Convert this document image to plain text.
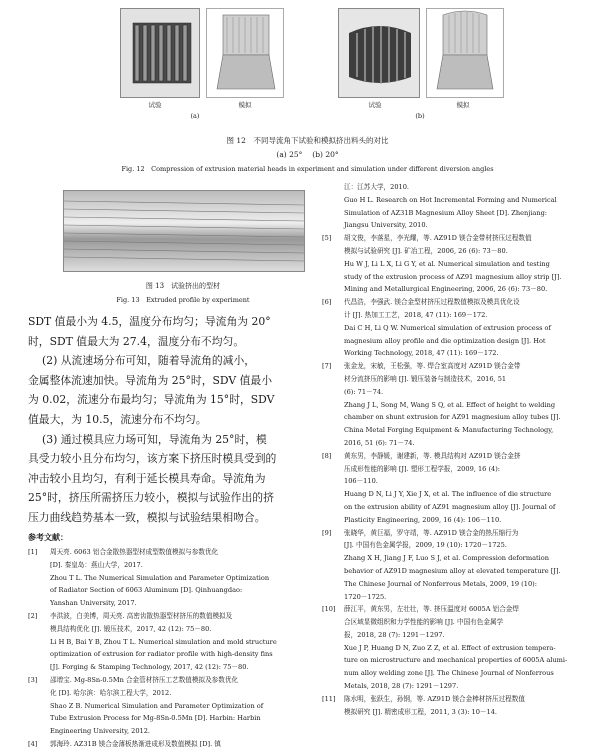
试验	模拟
(a)
试验	模拟
(b)
图 12　不同导流角下试验和模拟挤出料头的对比
(a) 25°　 (b) 20°
Fig. 12　Compression of extrusion material heads in experiment and simulation under different diversion angles
图 13　试验挤出的型材
Fig. 13　Extruded profile by experiment
SDT 值最小为 4.5，温度分布均匀；导流角为 20°
时，SDT 值最大为 27.4，温度分布不均匀。
(2) 从流速场分布可知，随着导流角的减小，
金属整体流速加快。导流角为 25°时，SDV 值最小
为 0.02，流速分布最均匀；导流角为 15°时，SDV
值最大，为 10.5，流速分布不均匀。
(3) 通过模具应力场可知，导流角为 25°时，模
具受力较小且分布均匀，该方案下挤压时模具受到的
冲击较小且均匀，有利于延长模具寿命。导流角为
25°时，挤压所需挤压力较小，模拟与试验作出的挤
压力曲线趋势基本一致，模拟与试验结果相吻合。
参考文献：
[1]	周天亮. 6063 铝合金散热器型材成型数值模拟与参数优化
[D]. 秦皇岛：燕山大学，2017.
Zhou T L. The Numerical Simulation and Parameter Optimization
of Radiator Section of 6063 Aluminum [D]. Qinhuangdao:
Yanshan University, 2017.
[2]	李洪波，白美博，周天亮. 高密齿散热器型材挤压的数值模拟及
模具结构优化 [J]. 锻压技术，2017, 42 (12): 75－80.
Li H B, Bai Y B, Zhou T L. Numerical simulation and mold structure
optimization of extrusion for radiator profile with high-density fins
[J]. Forging & Stamping Technology, 2017, 42 (12): 75－80.
[3]	邵增宝. Mg-8Sn-0.5Mn 合金管材挤压工艺数值模拟及参数优化
化 [D]. 哈尔滨：哈尔滨工程大学，2012.
Shao Z B. Numerical Simulation and Parameter Optimization of
Tube Extrusion Process for Mg-8Sn-0.5Mn [D]. Harbin: Harbin
Engineering University, 2012.
[4]	郭海玲. AZ31B 镁合金薄板热渐进成形及数值模拟 [D]. 镇
江：江苏大学，2010.
Guo H L. Research on Hot Incremental Forming and Numerical
Simulation of AZ31B Magnesium Alloy Sheet [D]. Zhenjiang:
Jiangsu University, 2010.
[5]	胡文俊，李落星，李光耀，等. AZ91D 镁合金带材挤压过程数值
模拟与试验研究 [J]. 矿冶工程，2006, 26 (6): 73－80.
Hu W J, Li L X, Li G Y, et al. Numerical simulation and testing
study of the extrusion process of AZ91 magnesium alloy strip [J].
Mining and Metallurgical Engineering, 2006, 26 (6): 73－80.
[6]	代昌浩，李强武. 镁合金型材挤压过程数值模拟及模具优化设
计 [J]. 热加工工艺，2018, 47 (11): 169－172.
Dai C H, Li Q W. Numerical simulation of extrusion process of
magnesium alloy profile and die optimization design [J]. Hot
Working Technology, 2018, 47 (11): 169－172.
[7]	张金龙，宋敏，王松强，等. 焊合室高度对 AZ91D 镁合金带
材分流挤压的影响 [J]. 锻压装备与制造技术，2016, 51
(6): 71－74.
Zhang J L, Song M, Wang S Q, et al. Effect of height to welding
chamber on shunt extrusion for AZ91 magnesium alloy tubes [J].
China Metal Forging Equipment & Manufacturing Technology,
2016, 51 (6): 71－74.
[8]	黄东男，李静媛，谢建新，等. 模具结构对 AZ91D 镁合金挤
压成形性能的影响 [J]. 塑形工程学报，2009, 16 (4):
106－110.
Huang D N, Li J Y, Xie J X, et al. The influence of die structure
on the extrusion ability of AZ91 magnesium alloy [J]. Journal of
Plasticity Engineering, 2009, 16 (4): 106－110.
[9]	张晓华，黄巨福，罗守靖，等. AZ91D 镁合金的热压缩行为
[J]. 中国有色金属学报，2009, 19 (10): 1720－1725.
Zhang X H, Jiang J F, Luo S J, et al. Compression deformation
behavior of AZ91D magnesium alloy at elevated temperature [J].
The Chinese Journal of Nonferrous Metals, 2009, 19 (10):
1720－1725.
[10]	薛江平，黄东男，左壮壮，等. 挤压温度对 6005A 铝合金焊
合区域显微组织和力学性能的影响 [J]. 中国有色金属学
报，2018, 28 (7): 1291－1297.
Xue J P, Huang D N, Zuo Z Z, et al. Effect of extrusion tempera-
ture on microstructure and mechanical properties of 6005A alumi-
num alloy welding zone [J]. The Chinese Journal of Nonferrous
Metals, 2018, 28 (7): 1291－1297.
[11]	陈水明，张跃生，孙钢，等. AZ91D 镁合金棒材挤压过程数值
模拟研究 [J]. 精密成形工程，2011, 3 (3): 10－14.
